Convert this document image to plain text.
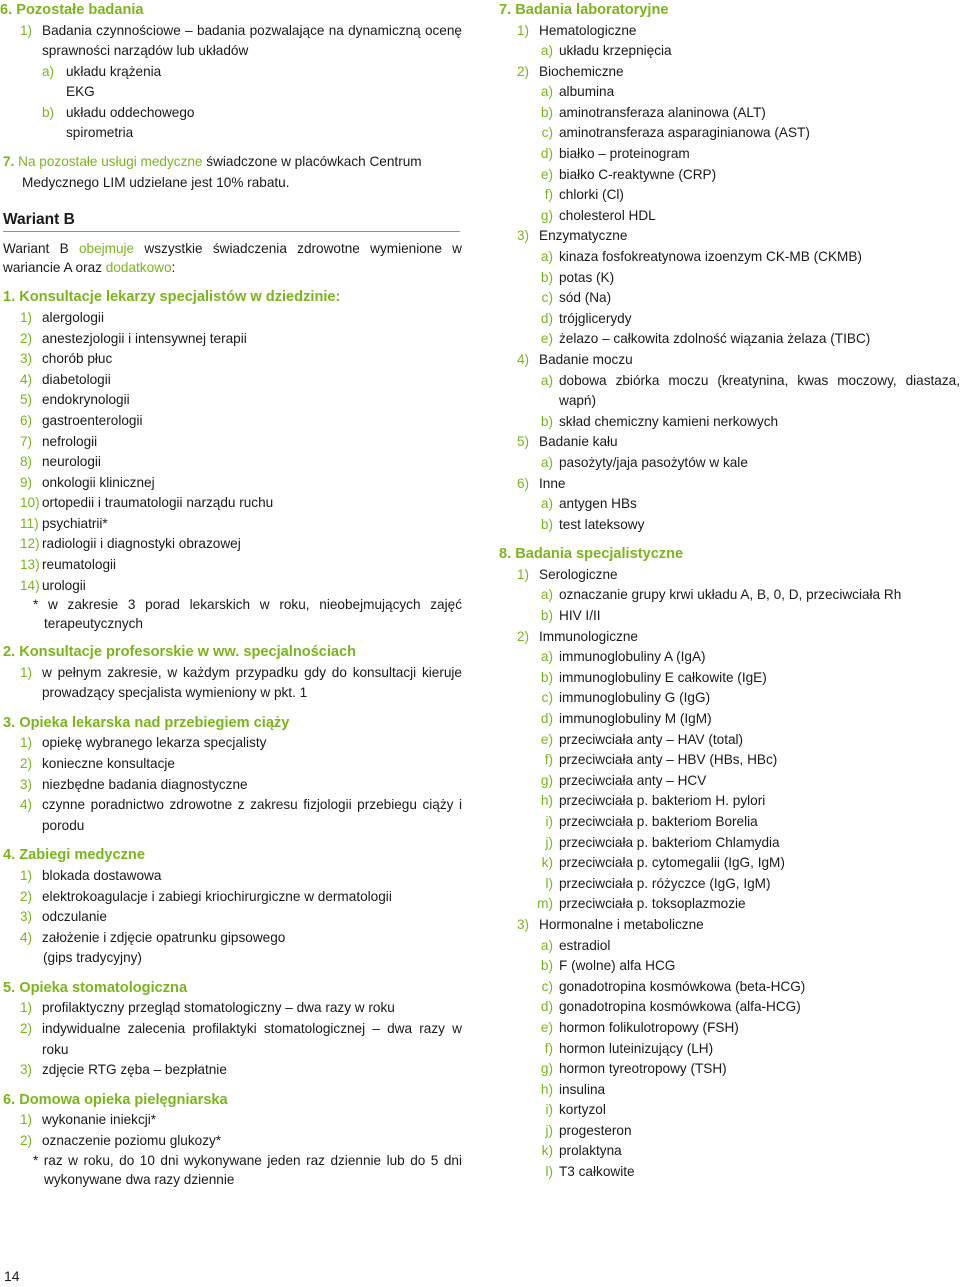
6. Pozostałe badania
1) Badania czynnościowe – badania pozwalające na dynamiczną ocenę sprawności narządów lub układów
a) układu krążenia
EKG
b) układu oddechowego
spirometria
7. Na pozostałe usługi medyczne świadczone w placówkach Centrum Medycznego LIM udzielane jest 10% rabatu.
Wariant B
Wariant B obejmuje wszystkie świadczenia zdrowotne wymienione w wariancie A oraz dodatkowo:
1. Konsultacje lekarzy specjalistów w dziedzinie:
1) alergologii
2) anestezjologii i intensywnej terapii
3) chorób płuc
4) diabetologii
5) endokrynologii
6) gastroenterologii
7) nefrologii
8) neurologii
9) onkologii klinicznej
10) ortopedii i traumatologii narządu ruchu
11) psychiatrii*
12) radiologii i diagnostyki obrazowej
13) reumatologii
14) urologii
* w zakresie 3 porad lekarskich w roku, nieobejmujących zajęć terapeutycznych
2. Konsultacje profesorskie w ww. specjalnościach
1) w pełnym zakresie, w każdym przypadku gdy do konsultacji kieruje prowadzący specjalista wymieniony w pkt. 1
3. Opieka lekarska nad przebiegiem ciąży
1) opiekę wybranego lekarza specjalisty
2) konieczne konsultacje
3) niezbędne badania diagnostyczne
4) czynne poradnictwo zdrowotne z zakresu fizjologii przebiegu ciąży i porodu
4. Zabiegi medyczne
1) blokada dostawowa
2) elektrokoagulacje i zabiegi kriochirurgiczne w dermatologii
3) odczulanie
4) założenie i zdjęcie opatrunku gipsowego
(gips tradycyjny)
5. Opieka stomatologiczna
1) profilaktyczny przegląd stomatologiczny – dwa razy w roku
2) indywidualne zalecenia profilaktyki stomatologicznej – dwa razy w roku
3) zdjęcie RTG zęba – bezpłatnie
6. Domowa opieka pielęgniarska
1) wykonanie iniekcji*
2) oznaczenie poziomu glukozy*
* raz w roku, do 10 dni wykonywane jeden raz dziennie lub do 5 dni wykonywane dwa razy dziennie
7. Badania laboratoryjne
1) Hematologiczne
a) układu krzepnięcia
2) Biochemiczne
a) albumina
b) aminotransferaza alaninowa (ALT)
c) aminotransferaza asparaginianowa (AST)
d) białko – proteinogram
e) białko C-reaktywne (CRP)
f) chlorki (Cl)
g) cholesterol HDL
3) Enzymatyczne
a) kinaza fosfokreatynowa izoenzym CK-MB (CKMB)
b) potas (K)
c) sód (Na)
d) trójglicerydy
e) żelazo – całkowita zdolność wiązania żelaza (TIBC)
4) Badanie moczu
a) dobowa zbiórka moczu (kreatynina, kwas moczowy, diastaza, wapń)
b) skład chemiczny kamieni nerkowych
5) Badanie kału
a) pasożyty/jaja pasożytów w kale
6) Inne
a) antygen HBs
b) test lateksowy
8. Badania specjalistyczne
1) Serologiczne
a) oznaczanie grupy krwi układu A, B, 0, D, przeciwciała Rh
b) HIV I/II
2) Immunologiczne
a) immunoglobuliny A (IgA)
b) immunoglobuliny E całkowite (IgE)
c) immunoglobuliny G (IgG)
d) immunoglobuliny M (IgM)
e) przeciwciała anty – HAV (total)
f) przeciwciała anty – HBV (HBs, HBc)
g) przeciwciała anty – HCV
h) przeciwciała p. bakteriom H. pylori
i) przeciwciała p. bakteriom Borelia
j) przeciwciała p. bakteriom Chlamydia
k) przeciwciała p. cytomegalii (IgG, IgM)
l) przeciwciała p. różyczce (IgG, IgM)
m) przeciwciała p. toksoplazmozie
3) Hormonalne i metaboliczne
a) estradiol
b) F (wolne) alfa HCG
c) gonadotropina kosmówkowa (beta-HCG)
d) gonadotropina kosmówkowa (alfa-HCG)
e) hormon folikulotropowy (FSH)
f) hormon luteinizujący (LH)
g) hormon tyreotropowy (TSH)
h) insulina
i) kortyzol
j) progesteron
k) prolaktyna
l) T3 całkowite
14
